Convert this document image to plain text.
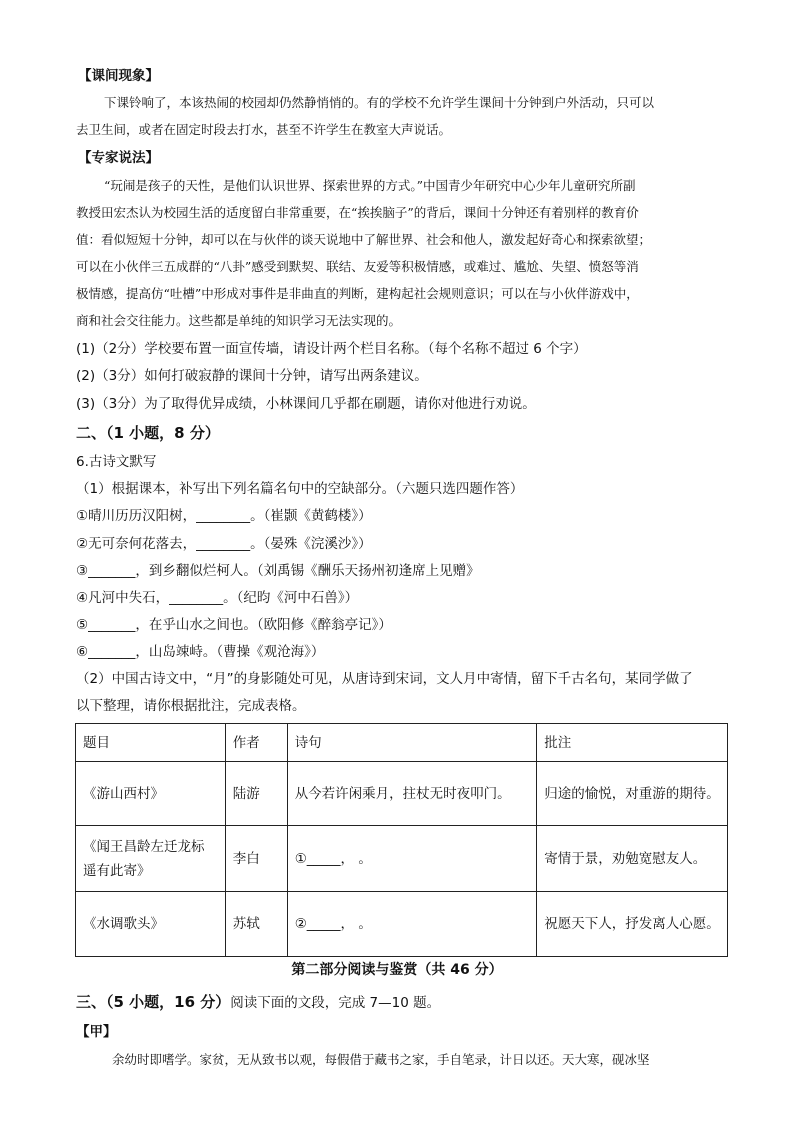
【课间现象】
下课铃响了，本该热闹的校园却仍然静悄悄的。有的学校不允许学生课间十分钟到户外活动，只可以
去卫生间，或者在固定时段去打水，甚至不许学生在教室大声说话。
【专家说法】
“玩闹是孩子的天性，是他们认识世界、探索世界的方式。”中国青少年研究中心少年儿童研究所副
教授田宏杰认为校园生活的适度留白非常重要，在“挨挨脑子”的背后，课间十分钟还有着别样的教育价
值：看似短短十分钟，却可以在与伙伴的谈天说地中了解世界、社会和他人，激发起好奇心和探索欲望；
可以在小伙伴三五成群的“八卦”感受到默契、联结、友爱等积极情感，或难过、尴尬、失望、愤怒等消
极情感，提高仿“吐槽”中形成对事件是非曲直的判断，建构起社会规则意识；可以在与小伙伴游戏中，
商和社会交往能力。这些都是单纯的知识学习无法实现的。
(1)（2分）学校要布置一面宣传墙，请设计两个栏目名称。（每个名称不超过 6 个字）
(2)（3分）如何打破寂静的课间十分钟，请写出两条建议。
(3)（3分）为了取得优异成绩，小林课间几乎都在刷题，请你对他进行劝说。
二、（1 小题，8 分）
6.古诗文默写
（1）根据课本，补写出下列名篇名句中的空缺部分。（六题只选四题作答）
①晴川历历汉阳树，________。（崔颢《黄鹤楼》）
②无可奈何花落去，________。（晏殊《浣溪沙》）
③_______，到乡翻似烂柯人。（刘禹锡《酬乐天扬州初逢席上见赠》
④凡河中失石，________。（纪昀《河中石兽》）
⑤_______，在乎山水之间也。（欧阳修《醉翁亭记》）
⑥_______，山岛竦峙。（曹操《观沧海》）
（2）中国古诗文中，“月”的身影随处可见，从唐诗到宋词，文人月中寄情，留下千古名句，某同学做了
以下整理，请你根据批注，完成表格。
题目	作者	诗句	批注
《游山西村》	陆游	从今若许闲乘月，拄杖无时夜叩门。	归途的愉悦，对重游的期待。
《闻王昌龄左迁龙标遥有此寄》	李白	①_____， 。	寄情于景，劝勉宽慰友人。
《水调歌头》	苏轼	②_____， 。	祝愿天下人，抒发离人心愿。
第二部分阅读与鉴赏（共 46 分）
三、（5 小题，16 分）阅读下面的文段，完成 7—10 题。
【甲】
余幼时即嗜学。家贫，无从致书以观，每假借于藏书之家，手自笔录，计日以还。天大寒，砚冰坚
